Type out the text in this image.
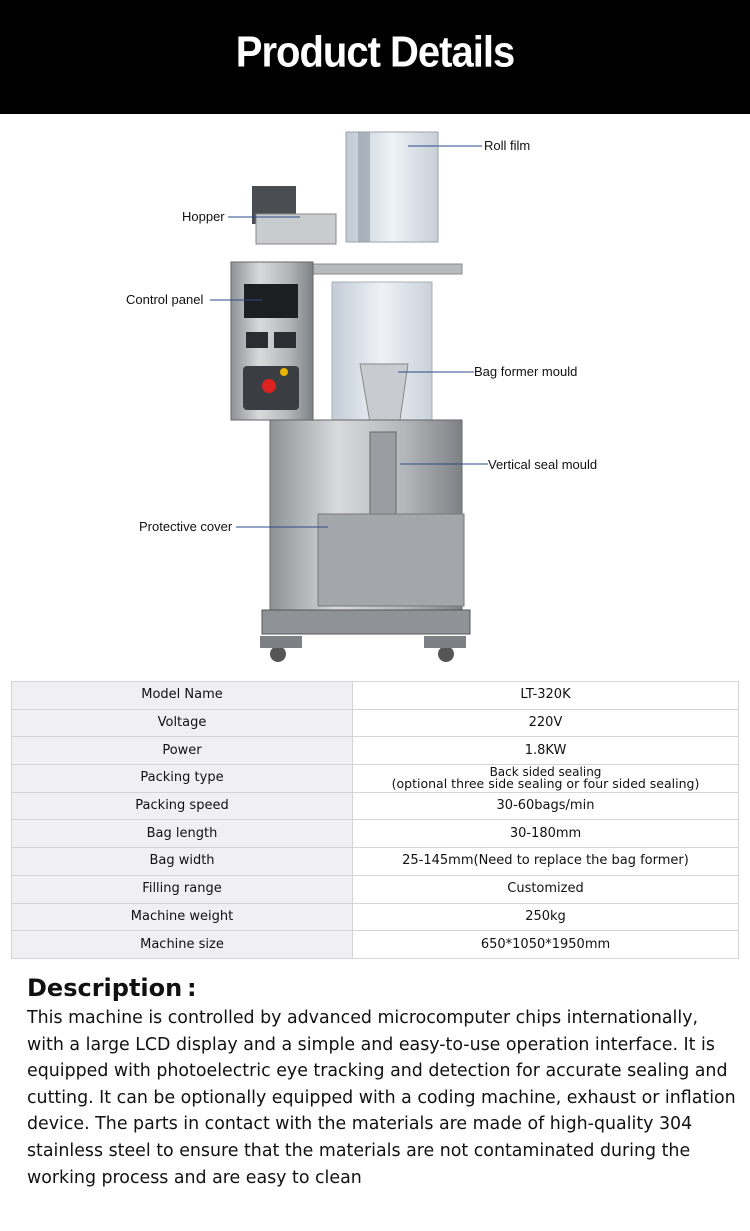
Product Details
Roll film
Hopper
Control panel
Bag former mould
Vertical seal mould
Protective cover
Model Name	LT-320K
Voltage	220V
Power	1.8KW
Packing type	Back sided sealing
(optional three side sealing or four sided sealing)

Packing speed	30-60bags/min
Bag length	30-180mm
Bag width	25-145mm(Need to replace the bag former)
Filling range	Customized
Machine weight	250kg
Machine size	650*1050*1950mm
Description :

This machine is controlled by advanced microcomputer chips internationally, with a large LCD display and a simple and easy-to-use operation interface. It is equipped with photoelectric eye tracking and detection for accurate sealing and cutting. It can be optionally equipped with a coding machine, exhaust or inflation device. The parts in contact with the materials are made of high-quality 304 stainless steel to ensure that the materials are not contaminated during the working process and are easy to clean
